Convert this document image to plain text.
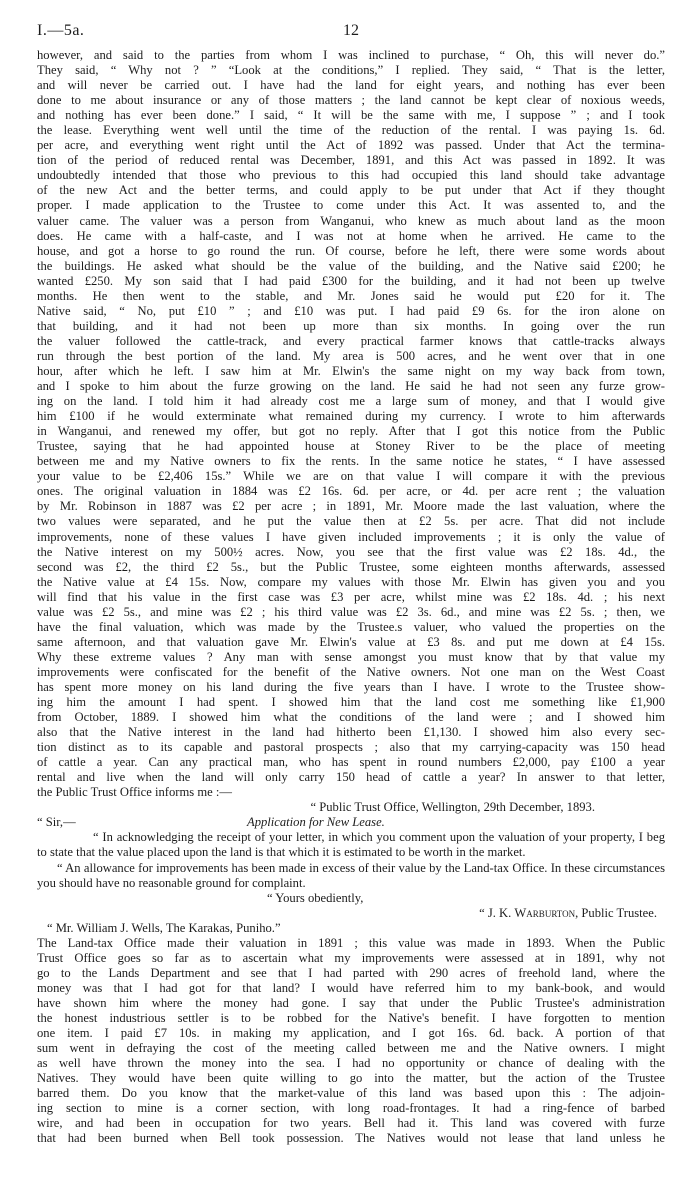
I.—5a.	12

however, and said to the parties from whom I was inclined to purchase, “ Oh, this will never do.”

They said, “ Why not ? ” “Look at the conditions,” I replied. They said, “ That is the letter,

and will never be carried out. I have had the land for eight years, and nothing has ever been

done to me about insurance or any of those matters ; the land cannot be kept clear of noxious weeds,

and nothing has ever been done.” I said, “ It will be the same with me, I suppose ” ; and I took

the lease. Everything went well until the time of the reduction of the rental. I was paying 1s. 6d.

per acre, and everything went right until the Act of 1892 was passed. Under that Act the termina-

tion of the period of reduced rental was December, 1891, and this Act was passed in 1892. It was

undoubtedly intended that those who previous to this had occupied this land should take advantage

of the new Act and the better terms, and could apply to be put under that Act if they thought

proper. I made application to the Trustee to come under this Act. It was assented to, and the

valuer came. The valuer was a person from Wanganui, who knew as much about land as the moon

does. He came with a half-caste, and I was not at home when he arrived. He came to the

house, and got a horse to go round the run. Of course, before he left, there were some words about

the buildings. He asked what should be the value of the building, and the Native said £200; he

wanted £250. My son said that I had paid £300 for the building, and it had not been up twelve

months. He then went to the stable, and Mr. Jones said he would put £20 for it. The

Native said, “ No, put £10 ” ; and £10 was put. I had paid £9 6s. for the iron alone on

that building, and it had not been up more than six months. In going over the run

the valuer followed the cattle-track, and every practical farmer knows that cattle-tracks always

run through the best portion of the land. My area is 500 acres, and he went over that in one

hour, after which he left. I saw him at Mr. Elwin's the same night on my way back from town,

and I spoke to him about the furze growing on the land. He said he had not seen any furze grow-

ing on the land. I told him it had already cost me a large sum of money, and that I would give

him £100 if he would exterminate what remained during my currency. I wrote to him afterwards

in Wanganui, and renewed my offer, but got no reply. After that I got this notice from the Public

Trustee, saying that he had appointed house at Stoney River to be the place of meeting

between me and my Native owners to fix the rents. In the same notice he states, “ I have assessed

your value to be £2,406 15s.” While we are on that value I will compare it with the previous

ones. The original valuation in 1884 was £2 16s. 6d. per acre, or 4d. per acre rent ; the valuation

by Mr. Robinson in 1887 was £2 per acre ; in 1891, Mr. Moore made the last valuation, where the

two values were separated, and he put the value then at £2 5s. per acre. That did not include

improvements, none of these values I have given included improvements ; it is only the value of

the Native interest on my 500½ acres. Now, you see that the first value was £2 18s. 4d., the

second was £2, the third £2 5s., but the Public Trustee, some eighteen months afterwards, assessed

the Native value at £4 15s. Now, compare my values with those Mr. Elwin has given you and you

will find that his value in the first case was £3 per acre, whilst mine was £2 18s. 4d. ; his next

value was £2 5s., and mine was £2 ; his third value was £2 3s. 6d., and mine was £2 5s. ; then, we

have the final valuation, which was made by the Trustee.s valuer, who valued the properties on the

same afternoon, and that valuation gave Mr. Elwin's value at £3 8s. and put me down at £4 15s.

Why these extreme values ? Any man with sense amongst you must know that by that value my

improvements were confiscated for the benefit of the Native owners. Not one man on the West Coast

has spent more money on his land during the five years than I have. I wrote to the Trustee show-

ing him the amount I had spent. I showed him that the land cost me something like £1,900

from October, 1889. I showed him what the conditions of the land were ; and I showed him

also that the Native interest in the land had hitherto been £1,130. I showed him also every sec-

tion distinct as to its capable and pastoral prospects ; also that my carrying-capacity was 150 head

of cattle a year. Can any practical man, who has spent in round numbers £2,000, pay £100 a year

rental and live when the land will only carry 150 head of cattle a year? In answer to that letter,

the Public Trust Office informs me :—

“ Public Trust Office, Wellington, 29th December, 1893.

“ Sir,—	Application for New Lease.

“ In acknowledging the receipt of your letter, in which you comment upon the valuation of your property, I beg to state that the value placed upon the land is that which it is estimated to be worth in the market.

“ An allowance for improvements has been made in excess of their value by the Land-tax Office. In these circumstances you should have no reasonable ground for complaint.

“ Yours obediently,

“ J. K. Warburton, Public Trustee.

“ Mr. William J. Wells, The Karakas, Puniho.”

The Land-tax Office made their valuation in 1891 ; this value was made in 1893. When the Public

Trust Office goes so far as to ascertain what my improvements were assessed at in 1891, why not

go to the Lands Department and see that I had parted with 290 acres of freehold land, where the

money was that I had got for that land? I would have referred him to my bank-book, and would

have shown him where the money had gone. I say that under the Public Trustee's administration

the honest industrious settler is to be robbed for the Native's benefit. I have forgotten to mention

one item. I paid £7 10s. in making my application, and I got 16s. 6d. back. A portion of that

sum went in defraying the cost of the meeting called between me and the Native owners. I might

as well have thrown the money into the sea. I had no opportunity or chance of dealing with the

Natives. They would have been quite willing to go into the matter, but the action of the Trustee

barred them. Do you know that the market-value of this land was based upon this : The adjoin-

ing section to mine is a corner section, with long road-frontages. It had a ring-fence of barbed

wire, and had been in occupation for two years. Bell had it. This land was covered with furze

that had been burned when Bell took possession. The Natives would not lease that land unless he
